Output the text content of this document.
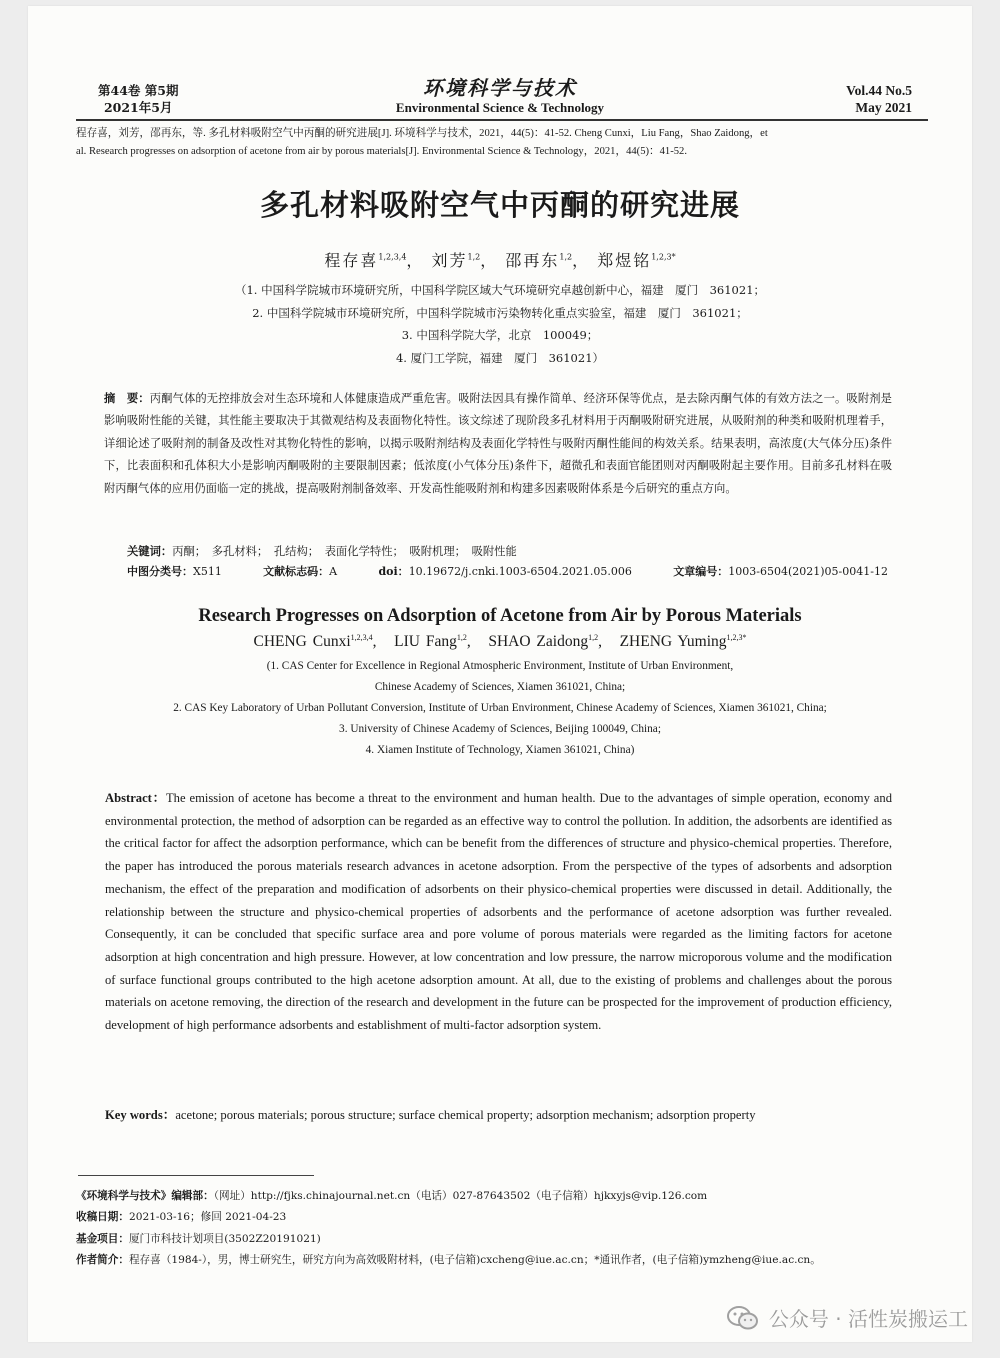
第44卷 第5期
2021年5月
环境科学与技术
Environmental Science & Technology
Vol.44 No.5
May 2021
程存喜，刘芳，邵再东，等. 多孔材料吸附空气中丙酮的研究进展[J]. 环境科学与技术，2021，44(5)：41-52. Cheng Cunxi，Liu Fang，Shao Zaidong，et
al. Research progresses on adsorption of acetone from air by porous materials[J]. Environmental Science & Technology，2021，44(5)：41-52.
多孔材料吸附空气中丙酮的研究进展
程存喜$^{1,2,3,4}$， 刘芳$^{1,2}$， 邵再东$^{1,2}$， 郑煜铭$^{1,2,3*}$
（1. 中国科学院城市环境研究所，中国科学院区域大气环境研究卓越创新中心，福建　厦门　361021；
2. 中国科学院城市环境研究所，中国科学院城市污染物转化重点实验室，福建　厦门　361021；
3. 中国科学院大学，北京　100049；
4. 厦门工学院，福建　厦门　361021）
摘　要：丙酮气体的无控排放会对生态环境和人体健康造成严重危害。吸附法因具有操作简单、经济环保等优点，是去除丙酮气体的有效方法之一。吸附剂是影响吸附性能的关键，其性能主要取决于其微观结构及表面物化特性。该文综述了现阶段多孔材料用于丙酮吸附研究进展，从吸附剂的种类和吸附机理着手，详细论述了吸附剂的制备及改性对其物化特性的影响，以揭示吸附剂结构及表面化学特性与吸附丙酮性能间的构效关系。结果表明，高浓度(大气体分压)条件下，比表面积和孔体积大小是影响丙酮吸附的主要限制因素；低浓度(小气体分压)条件下，超微孔和表面官能团则对丙酮吸附起主要作用。目前多孔材料在吸附丙酮气体的应用仍面临一定的挑战，提高吸附剂制备效率、开发高性能吸附剂和构建多因素吸附体系是今后研究的重点方向。
关键词：丙酮；　多孔材料；　孔结构；　表面化学特性；　吸附机理；　吸附性能
中图分类号：X511	文献标志码：A	doi：10.19672/j.cnki.1003-6504.2021.05.006	文章编号：1003-6504(2021)05-0041-12
Research Progresses on Adsorption of Acetone from Air by Porous Materials
CHENG Cunxi$^{1,2,3,4}$,   LIU Fang$^{1,2}$,   SHAO Zaidong$^{1,2}$,   ZHENG Yuming$^{1,2,3*}$
(1. CAS Center for Excellence in Regional Atmospheric Environment, Institute of Urban Environment,
Chinese Academy of Sciences, Xiamen 361021, China;
2. CAS Key Laboratory of Urban Pollutant Conversion, Institute of Urban Environment, Chinese Academy of Sciences, Xiamen 361021, China;
3. University of Chinese Academy of Sciences, Beijing 100049, China;
4. Xiamen Institute of Technology, Xiamen 361021, China)
Abstract：The emission of acetone has become a threat to the environment and human health. Due to the advantages of simple operation, economy and environmental protection, the method of adsorption can be regarded as an effective way to control the pollution. In addition, the adsorbents are identified as the critical factor for affect the adsorption performance, which can be benefit from the differences of structure and physico-chemical properties. Therefore, the paper has introduced the porous materials research advances in acetone adsorption. From the perspective of the types of adsorbents and adsorption mechanism, the effect of the preparation and modification of adsorbents on their physico-chemical properties were discussed in detail. Additionally, the relationship between the structure and physico-chemical properties of adsorbents and the performance of acetone adsorption was further revealed. Consequently, it can be concluded that specific surface area and pore volume of porous materials were regarded as the limiting factors for acetone adsorption at high concentration and high pressure. However, at low concentration and low pressure, the narrow microporous volume and the modification of surface functional groups contributed to the high acetone adsorption amount. At all, due to the existing of problems and challenges about the porous materials on acetone removing, the direction of the research and development in the future can be prospected for the improvement of production efficiency, development of high performance adsorbents and establishment of multi-factor adsorption system.
Key words：acetone; porous materials; porous structure; surface chemical property; adsorption mechanism; adsorption property
《环境科学与技术》编辑部：（网址）http://fjks.chinajournal.net.cn（电话）027-87643502（电子信箱）hjkxyjs@vip.126.com
收稿日期：2021-03-16；修回 2021-04-23
基金项目：厦门市科技计划项目(3502Z20191021)
作者简介：程存喜（1984-），男，博士研究生，研究方向为高效吸附材料，(电子信箱)cxcheng@iue.ac.cn；*通讯作者，(电子信箱)ymzheng@iue.ac.cn。
公众号 · 活性炭搬运工
